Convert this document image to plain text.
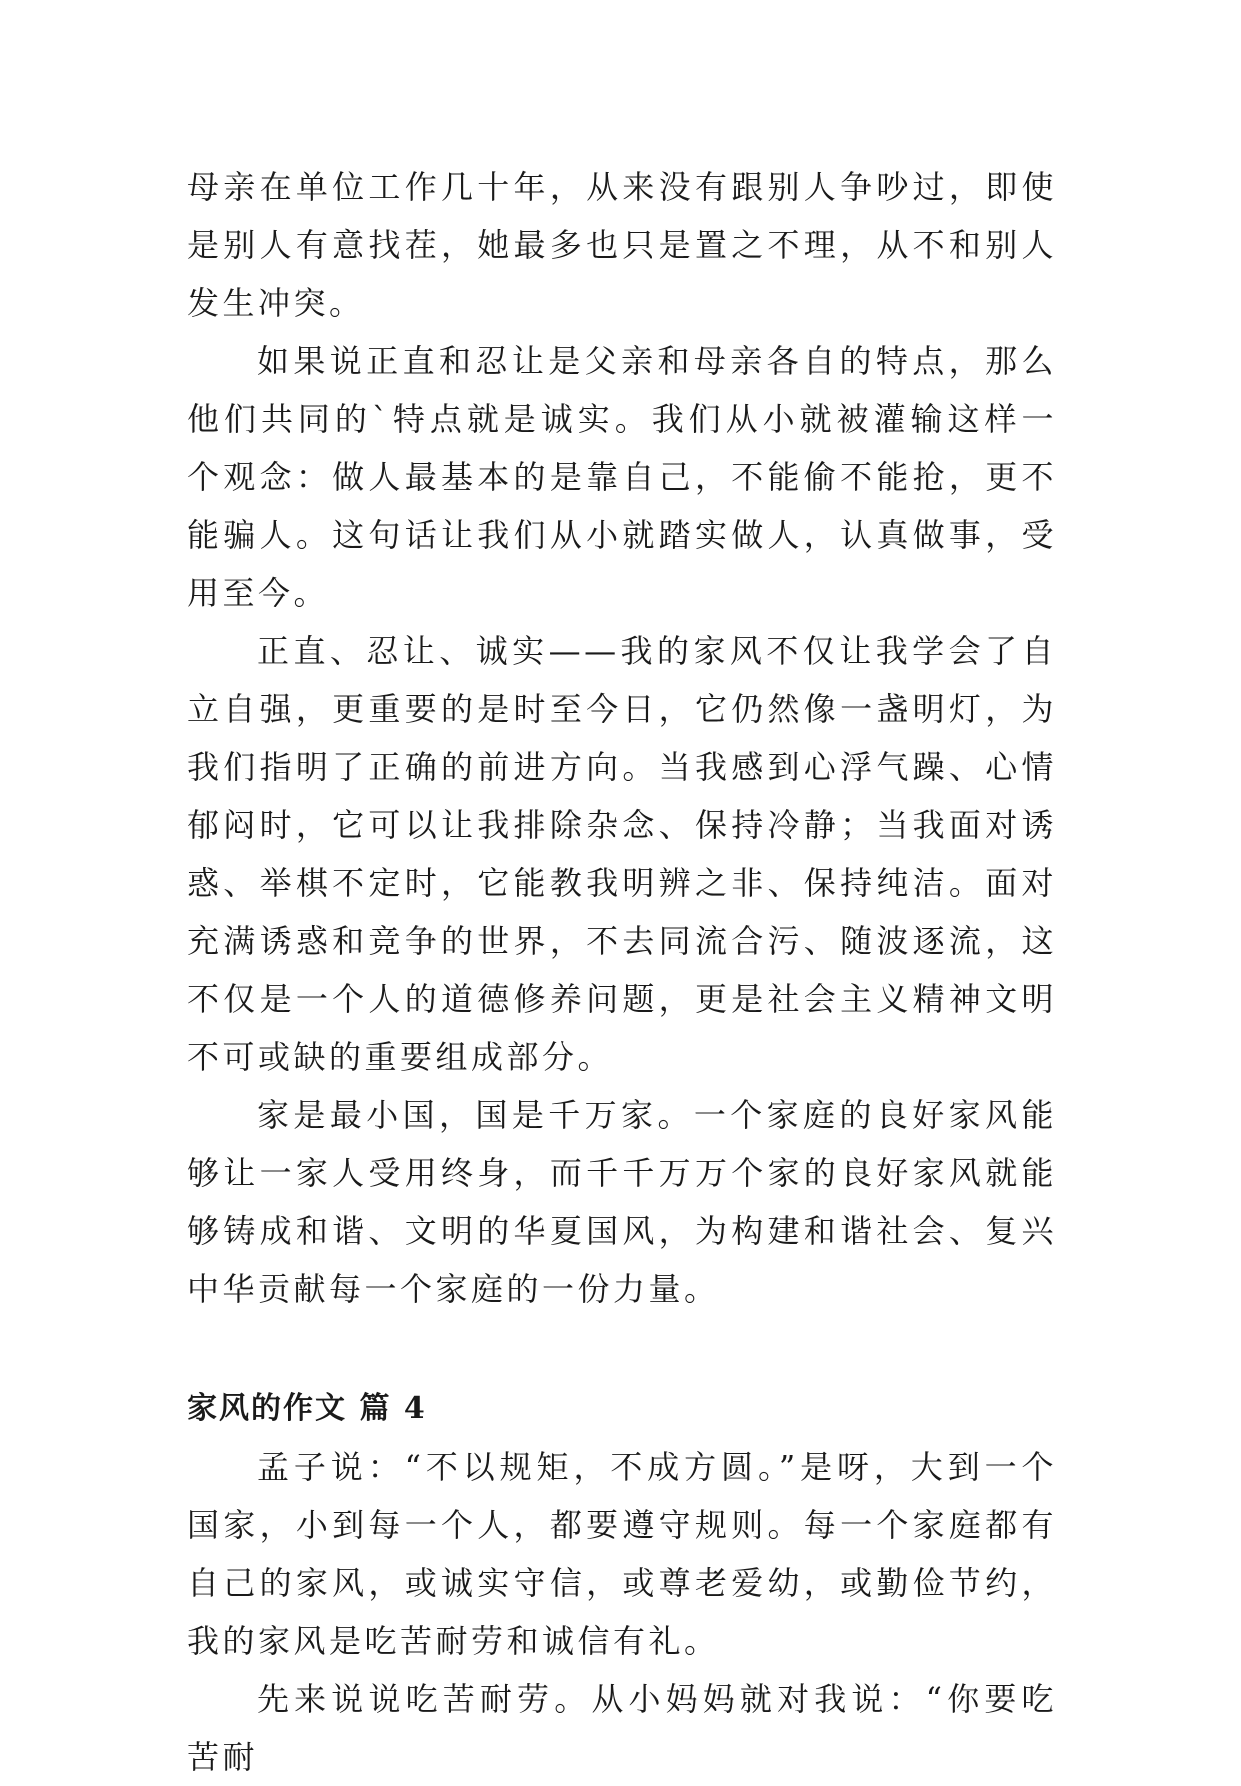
母亲在单位工作几十年，从来没有跟别人争吵过，即使是别人有意找茬，她最多也只是置之不理，从不和别人发生冲突。

如果说正直和忍让是父亲和母亲各自的特点，那么他们共同的`特点就是诚实。我们从小就被灌输这样一个观念：做人最基本的是靠自己，不能偷不能抢，更不能骗人。这句话让我们从小就踏实做人，认真做事，受用至今。

正直、忍让、诚实——我的家风不仅让我学会了自立自强，更重要的是时至今日，它仍然像一盏明灯，为我们指明了正确的前进方向。当我感到心浮气躁、心情郁闷时，它可以让我排除杂念、保持冷静；当我面对诱惑、举棋不定时，它能教我明辨之非、保持纯洁。面对充满诱惑和竞争的世界，不去同流合污、随波逐流，这不仅是一个人的道德修养问题，更是社会主义精神文明不可或缺的重要组成部分。

家是最小国，国是千万家。一个家庭的良好家风能够让一家人受用终身，而千千万万个家的良好家风就能够铸成和谐、文明的华夏国风，为构建和谐社会、复兴中华贡献每一个家庭的一份力量。

家风的作文 篇 4

孟子说：“不以规矩，不成方圆。”是呀，大到一个国家，小到每一个人，都要遵守规则。每一个家庭都有自己的家风，或诚实守信，或尊老爱幼，或勤俭节约，我的家风是吃苦耐劳和诚信有礼。

先来说说吃苦耐劳。从小妈妈就对我说：“你要吃苦耐
